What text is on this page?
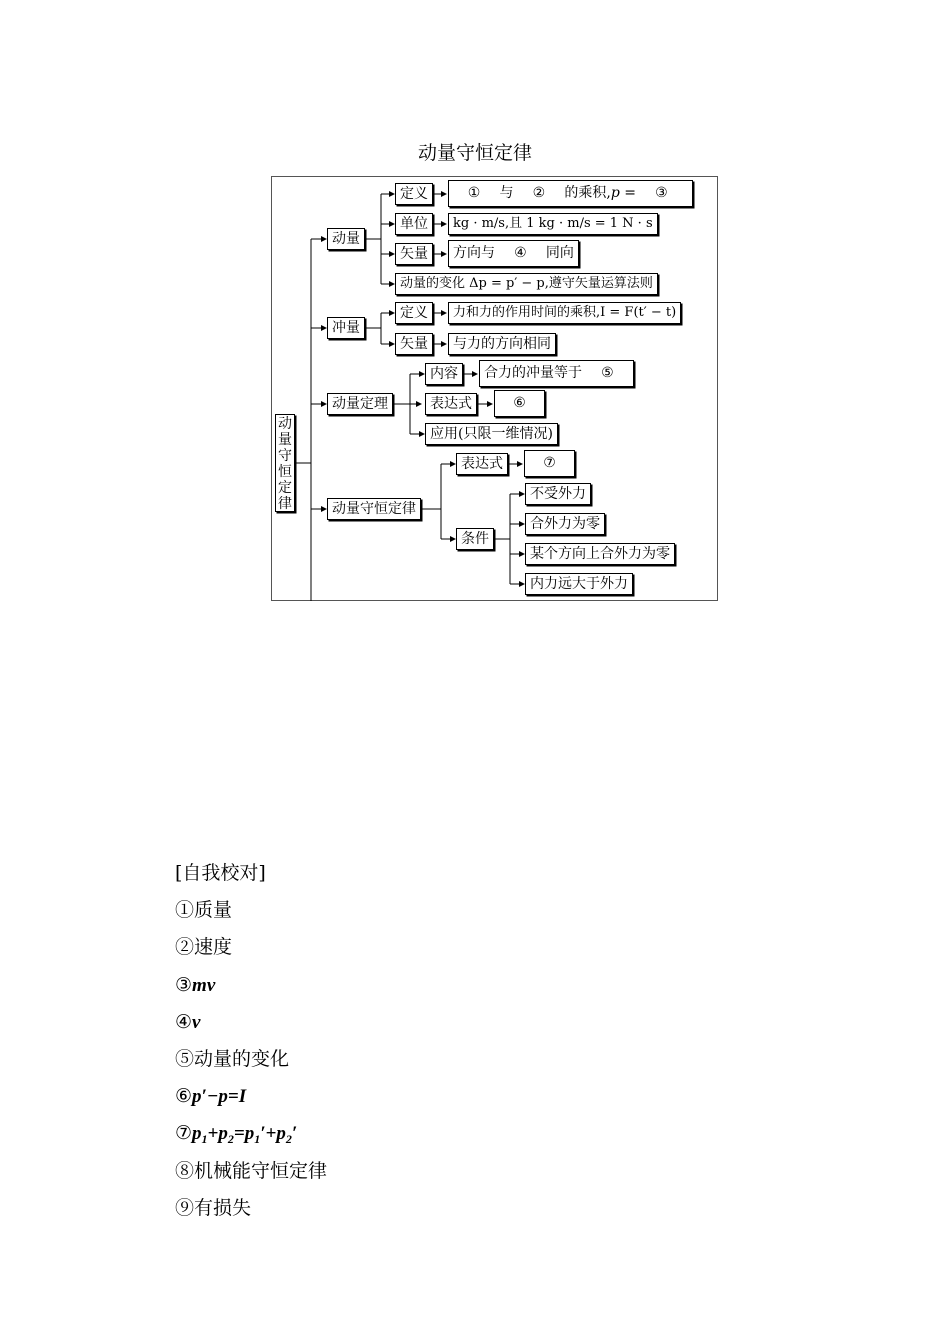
动量守恒定律
动
量
守
恒
定
律
动量
定义	① 与 ② 的乘积,p = ③
单位	kg · m/s,且 1 kg · m/s = 1 N · s
矢量	方向与 ④ 同向
动量的变化 Δp = p′ − p,遵守矢量运算法则
冲量
定义	力和力的作用时间的乘积,I = F(t′ − t)
矢量	与力的方向相同
动量定理
内容	合力的冲量等于 ⑤
表达式	⑥
应用(只限一维情况)
动量守恒定律
表达式	⑦
条件
不受外力
合外力为零
某个方向上合外力为零
内力远大于外力
[自我校对]
①质量
②速度
③mv
④v
⑤动量的变化
⑥p′−p=I
$⑦p_1+p_2=p_1'+p_2'$
⑧机械能守恒定律
⑨有损失
